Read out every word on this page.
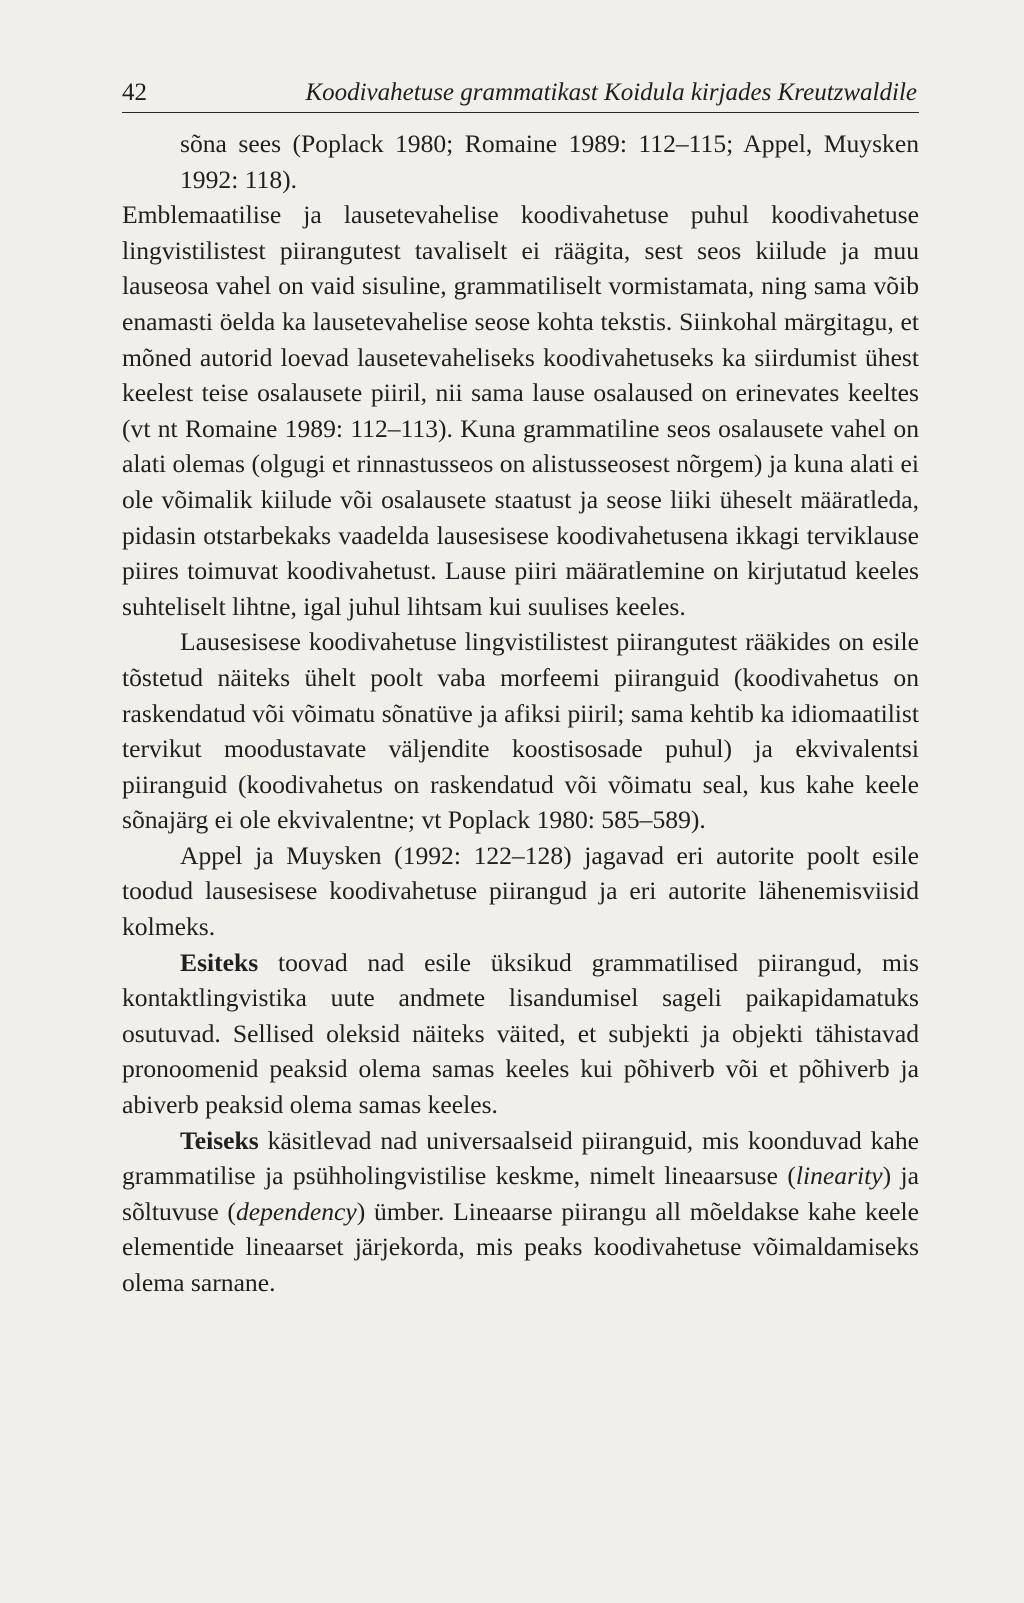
42	Koodivahetuse grammatikast Koidula kirjades Kreutzwaldile

sõna sees (Poplack 1980; Romaine 1989: 112–115; Appel, Muysken 1992: 118).

Emblemaatilise ja lausetevahelise koodivahetuse puhul koodivahetuse lingvistilistest piirangutest tavaliselt ei räägita, sest seos kiilude ja muu lauseosa vahel on vaid sisuline, grammatiliselt vormistamata, ning sama võib enamasti öelda ka lausetevahelise seose kohta tekstis. Siinkohal märgitagu, et mõned autorid loevad lausetevaheliseks koodivahetuseks ka siirdumist ühest keelest teise osalausete piiril, nii sama lause osalaused on erinevates keeltes (vt nt Romaine 1989: 112–113). Kuna grammatiline seos osalausete vahel on alati olemas (olgugi et rinnastusseos on alistusseosest nõrgem) ja kuna alati ei ole võimalik kiilude või osalausete staatust ja seose liiki üheselt määratleda, pidasin otstarbekaks vaadelda lausesisese koodivahetusena ikkagi terviklause piires toimuvat koodivahetust. Lause piiri määratlemine on kirjutatud keeles suhteliselt lihtne, igal juhul lihtsam kui suulises keeles.

Lausesisese koodivahetuse lingvistilistest piirangutest rääkides on esile tõstetud näiteks ühelt poolt vaba morfeemi piiranguid (koodivahetus on raskendatud või võimatu sõnatüve ja afiksi piiril; sama kehtib ka idiomaatilist tervikut moodustavate väljendite koostisosade puhul) ja ekvivalentsi piiranguid (koodivahetus on raskendatud või võimatu seal, kus kahe keele sõnajärg ei ole ekvivalentne; vt Poplack 1980: 585–589).

Appel ja Muysken (1992: 122–128) jagavad eri autorite poolt esile toodud lausesisese koodivahetuse piirangud ja eri autorite lähenemisviisid kolmeks.

Esiteks toovad nad esile üksikud grammatilised piirangud, mis kontaktlingvistika uute andmete lisandumisel sageli paikapidamatuks osutuvad. Sellised oleksid näiteks väited, et subjekti ja objekti tähistavad pronoomenid peaksid olema samas keeles kui põhiverb või et põhiverb ja abiverb peaksid olema samas keeles.

Teiseks käsitlevad nad universaalseid piiranguid, mis koonduvad kahe grammatilise ja psühholingvistilise keskme, nimelt lineaarsuse (linearity) ja sõltuvuse (dependency) ümber. Lineaarse piirangu all mõeldakse kahe keele elementide lineaarset järjekorda, mis peaks koodivahetuse võimaldamiseks olema sarnane.
